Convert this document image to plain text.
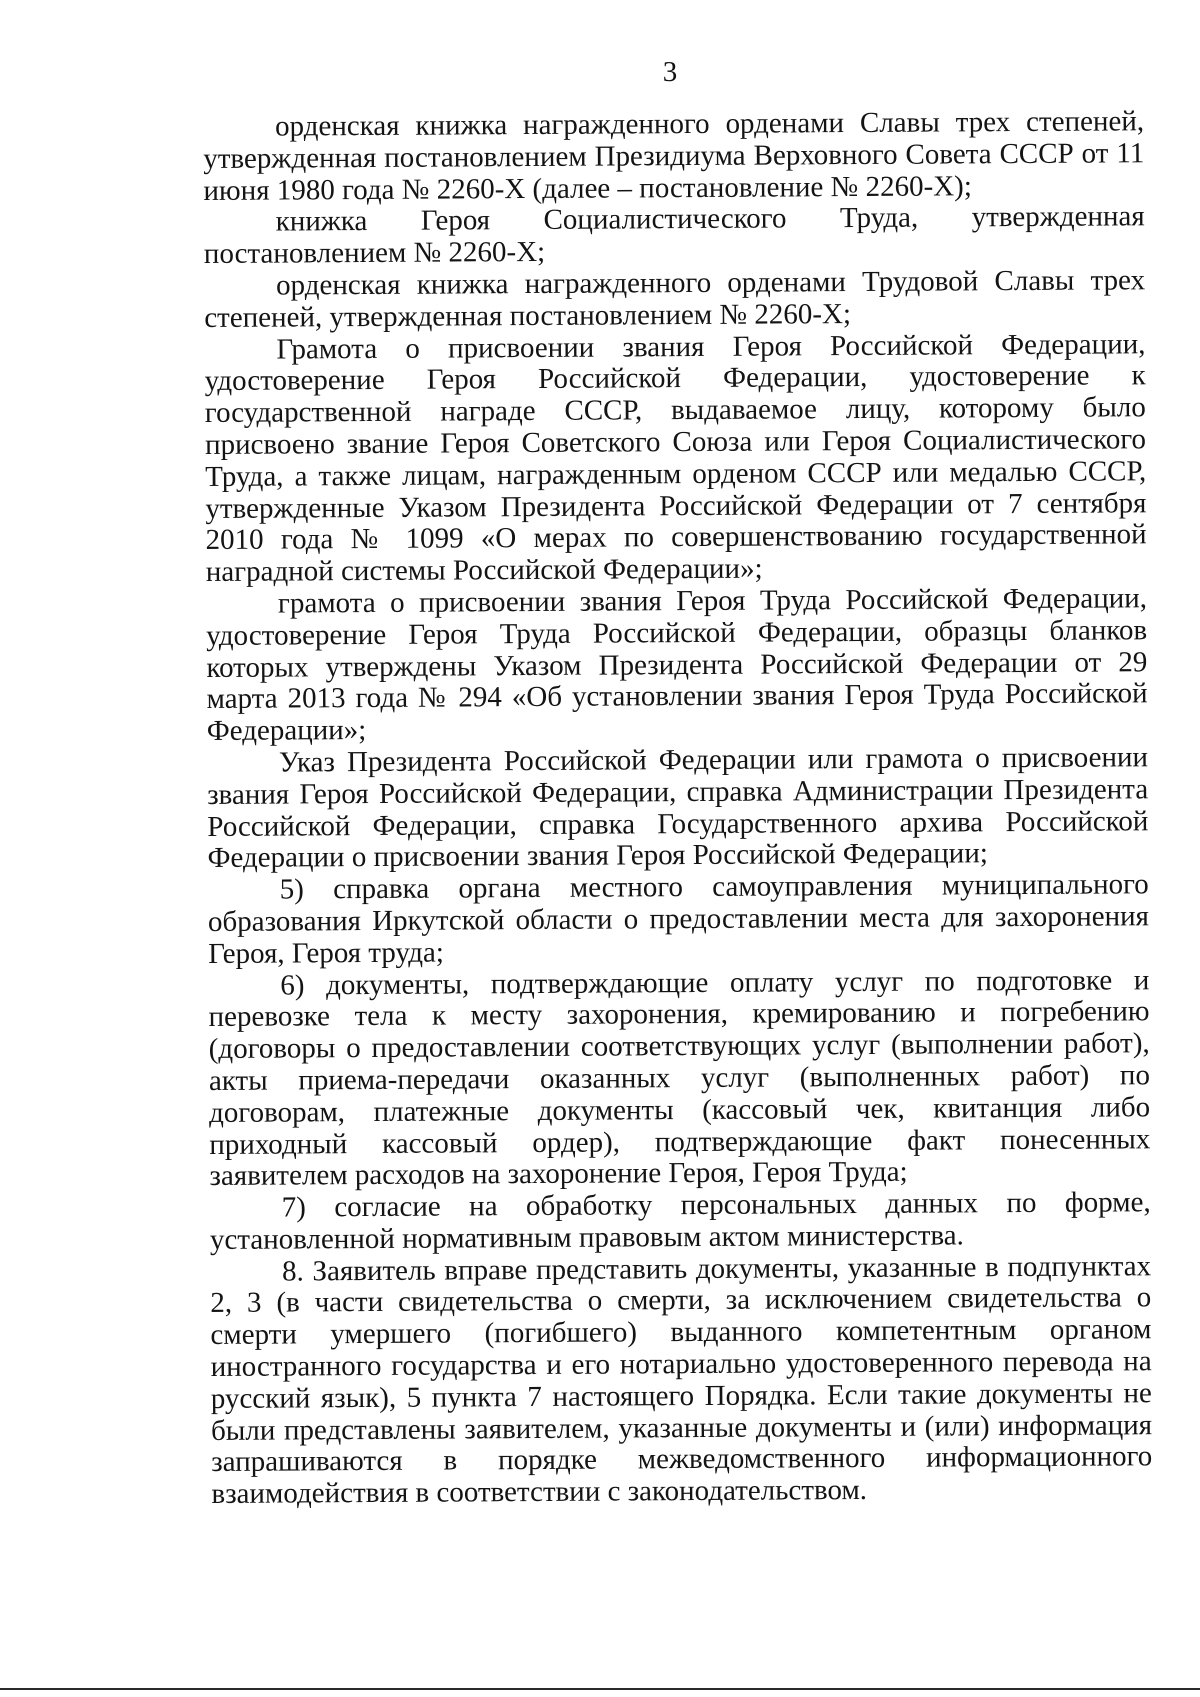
3

орденская книжка награжденного орденами Славы трех степеней, утвержденная постановлением Президиума Верховного Совета СССР от 11 июня 1980 года № 2260-Х (далее – постановление № 2260-Х);

книжка Героя Социалистического Труда, утвержденная постановлением № 2260-Х;

орденская книжка награжденного орденами Трудовой Славы трех степеней, утвержденная постановлением № 2260-Х;

Грамота о присвоении звания Героя Российской Федерации, удостоверение Героя Российской Федерации, удостоверение к государственной награде СССР, выдаваемое лицу, которому было присвоено звание Героя Советского Союза или Героя Социалистического Труда, а также лицам, награжденным орденом СССР или медалью СССР, утвержденные Указом Президента Российской Федерации от 7 сентября 2010 года № 1099 «О мерах по совершенствованию государственной наградной системы Российской Федерации»;

грамота о присвоении звания Героя Труда Российской Федерации, удостоверение Героя Труда Российской Федерации, образцы бланков которых утверждены Указом Президента Российской Федерации от 29 марта 2013 года № 294 «Об установлении звания Героя Труда Российской Федерации»;

Указ Президента Российской Федерации или грамота о присвоении звания Героя Российской Федерации, справка Администрации Президента Российской Федерации, справка Государственного архива Российской Федерации о присвоении звания Героя Российской Федерации;

5) справка органа местного самоуправления муниципального образования Иркутской области о предоставлении места для захоронения Героя, Героя труда;

6) документы, подтверждающие оплату услуг по подготовке и перевозке тела к месту захоронения, кремированию и погребению (договоры о предоставлении соответствующих услуг (выполнении работ), акты приема-передачи оказанных услуг (выполненных работ) по договорам, платежные документы (кассовый чек, квитанция либо приходный кассовый ордер), подтверждающие факт понесенных заявителем расходов на захоронение Героя, Героя Труда;

7) согласие на обработку персональных данных по форме, установленной нормативным правовым актом министерства.

8. Заявитель вправе представить документы, указанные в подпунктах 2, 3 (в части свидетельства о смерти, за исключением свидетельства о смерти умершего (погибшего) выданного компетентным органом иностранного государства и его нотариально удостоверенного перевода на русский язык), 5 пункта 7 настоящего Порядка. Если такие документы не были представлены заявителем, указанные документы и (или) информация запрашиваются в порядке межведомственного информационного взаимодействия в соответствии с законодательством.
